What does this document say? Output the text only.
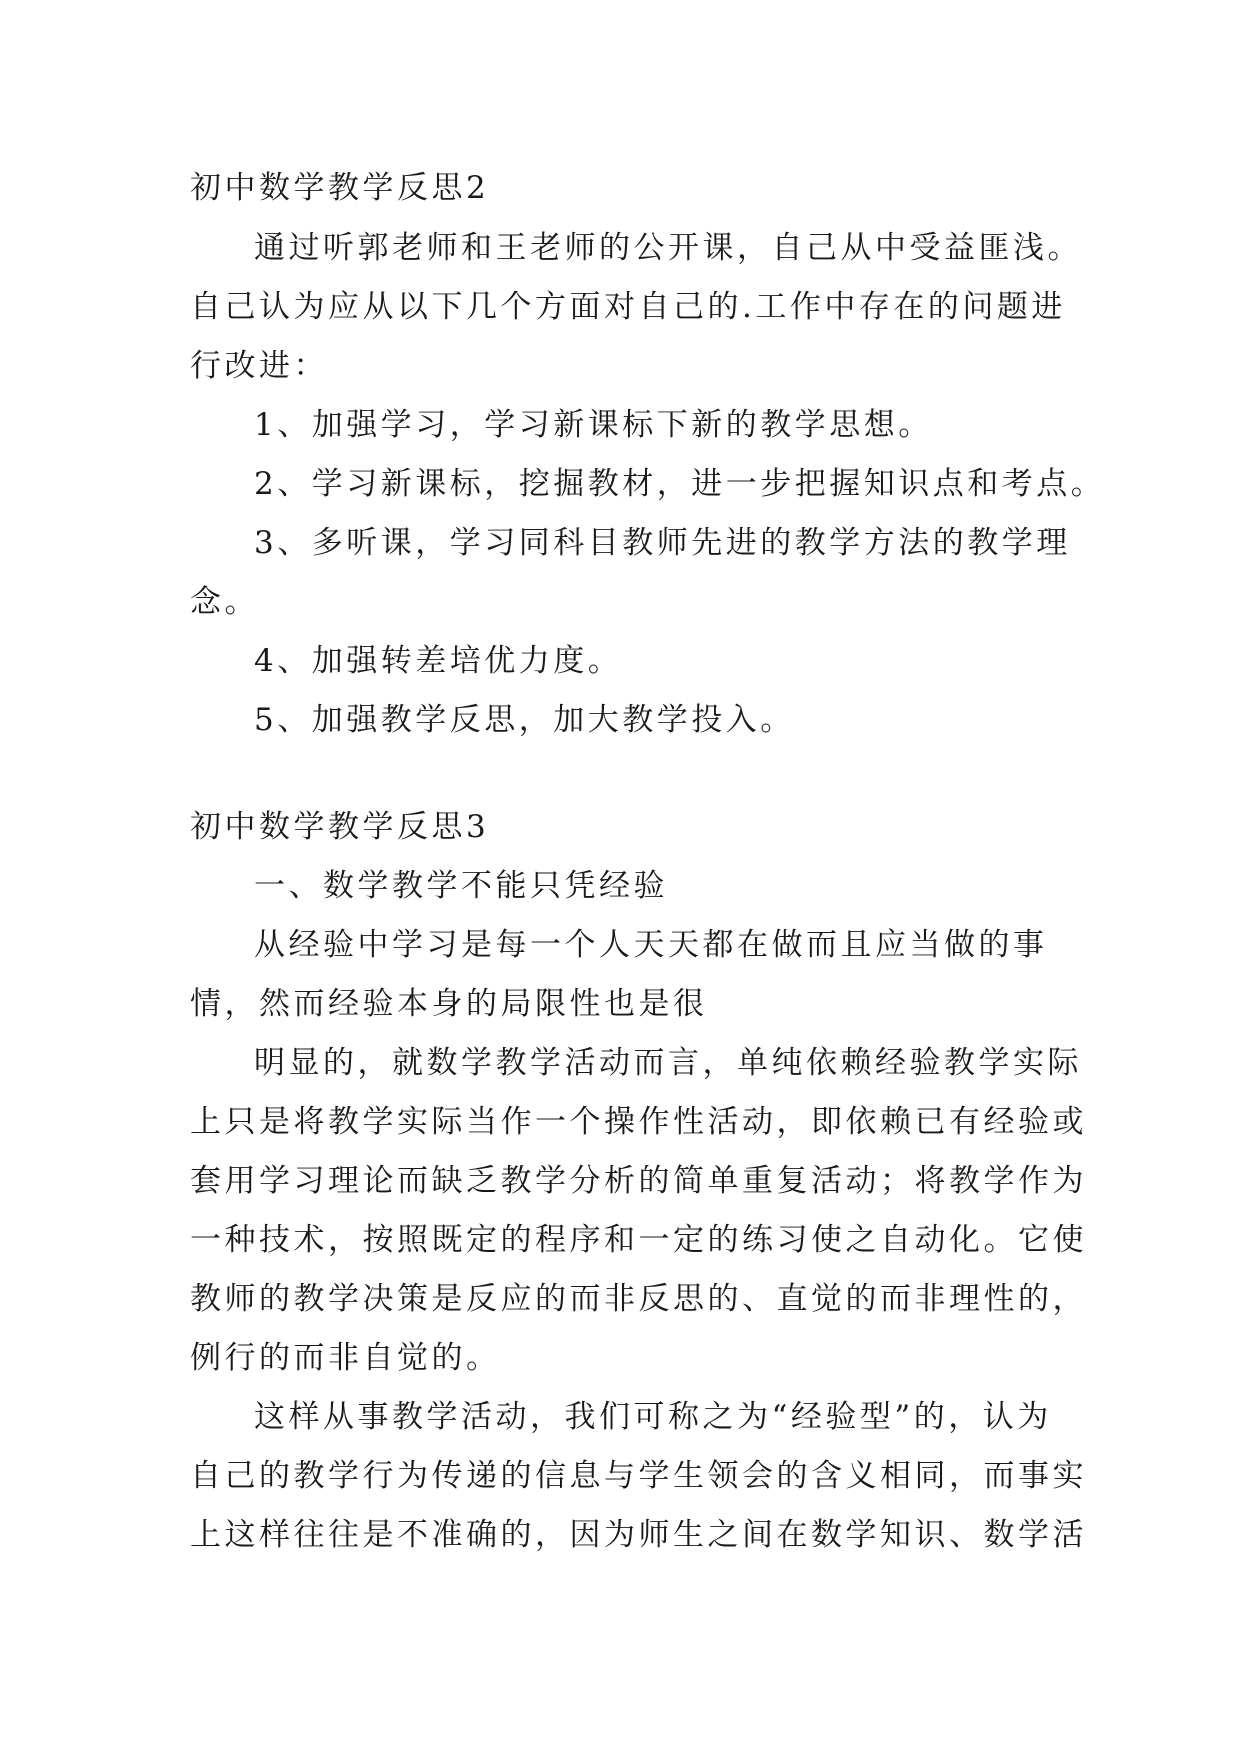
初中数学教学反思2
通过听郭老师和王老师的公开课，自己从中受益匪浅。
自己认为应从以下几个方面对自己的.工作中存在的问题进
行改进：
1、加强学习，学习新课标下新的教学思想。
2、学习新课标，挖掘教材，进一步把握知识点和考点。
3、多听课，学习同科目教师先进的教学方法的教学理
念。
4、加强转差培优力度。
5、加强教学反思，加大教学投入。
初中数学教学反思3
一、数学教学不能只凭经验
从经验中学习是每一个人天天都在做而且应当做的事
情，然而经验本身的局限性也是很
明显的，就数学教学活动而言，单纯依赖经验教学实际
上只是将教学实际当作一个操作性活动，即依赖已有经验或
套用学习理论而缺乏教学分析的简单重复活动；将教学作为
一种技术，按照既定的程序和一定的练习使之自动化。它使
教师的教学决策是反应的而非反思的、直觉的而非理性的，
例行的而非自觉的。
这样从事教学活动，我们可称之为“经验型”的，认为
自己的教学行为传递的信息与学生领会的含义相同，而事实
上这样往往是不准确的，因为师生之间在数学知识、数学活
